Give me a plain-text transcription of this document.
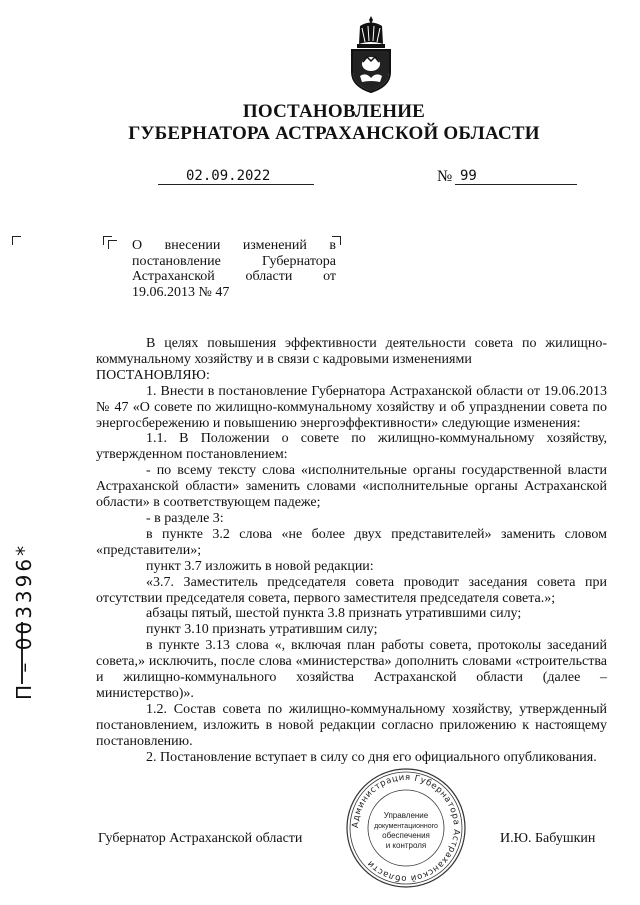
ПОСТАНОВЛЕНИЕ
ГУБЕРНАТОРА АСТРАХАНСКОЙ ОБЛАСТИ
02.09.2022	№ 99
О внесении изменений в постановление Губернатора Астраханской области от 19.06.2013 № 47

В целях повышения эффективности деятельности совета по жилищно-коммунальному хозяйству и в связи с кадровыми изменениями

ПОСТАНОВЛЯЮ:

1. Внести в постановление Губернатора Астраханской области от 19.06.2013 № 47 «О совете по жилищно-коммунальному хозяйству и об упразднении совета по энергосбережению и повышению энергоэффективности» следующие изменения:

1.1. В Положении о совете по жилищно-коммунальному хозяйству, утвержденном постановлением:

- по всему тексту слова «исполнительные органы государственной власти Астраханской области» заменить словами «исполнительные органы Астраханской области» в соответствующем падеже;

- в разделе 3:

в пункте 3.2 слова «не более двух представителей» заменить словом «представители»;

пункт 3.7 изложить в новой редакции:

«3.7. Заместитель председателя совета проводит заседания совета при отсутствии председателя совета, первого заместителя председателя совета.»;

абзацы пятый, шестой пункта 3.8 признать утратившими силу;

пункт 3.10 признать утратившим силу;

в пункте 3.13 слова «, включая план работы совета, протоколы заседаний совета,» исключить, после слова «министерства» дополнить словами «строительства и жилищно-коммунального хозяйства Астраханской области (далее – министерство)».

1.2. Состав совета по жилищно-коммунальному хозяйству, утвержденный постановлением, изложить в новой редакции согласно приложению к настоящему постановлению.

2. Постановление вступает в силу со дня его официального опубликования.

П – 003396*
Губернатор Астраханской области	И.Ю. Бабушкин
Администрация Губернатора Астраханской области
Управление
документационного
обеспечения
и контроля
